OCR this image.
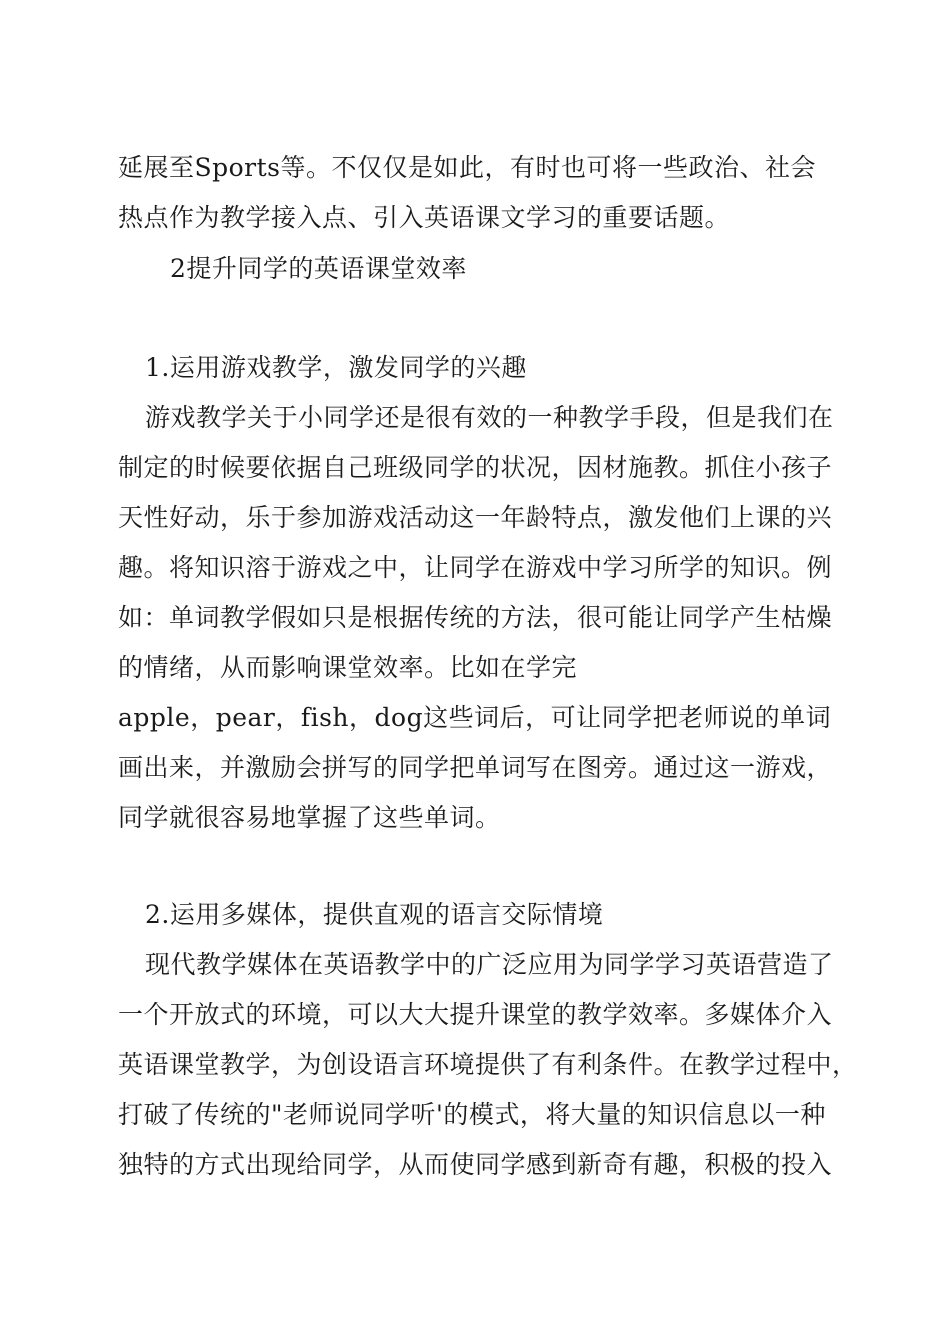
延展至Sports等。不仅仅是如此，有时也可将一些政治、社会
热点作为教学接入点、引入英语课文学习的重要话题。
2提升同学的英语课堂效率
1.运用游戏教学，激发同学的兴趣
游戏教学关于小同学还是很有效的一种教学手段，但是我们在
制定的时候要依据自己班级同学的状况，因材施教。抓住小孩子
天性好动，乐于参加游戏活动这一年龄特点，激发他们上课的兴
趣。将知识溶于游戏之中，让同学在游戏中学习所学的知识。例
如：单词教学假如只是根据传统的方法，很可能让同学产生枯燥
的情绪，从而影响课堂效率。比如在学完
apple，pear，fish，dog这些词后，可让同学把老师说的单词
画出来，并激励会拼写的同学把单词写在图旁。通过这一游戏，
同学就很容易地掌握了这些单词。
2.运用多媒体，提供直观的语言交际情境
现代教学媒体在英语教学中的广泛应用为同学学习英语营造了
一个开放式的环境，可以大大提升课堂的教学效率。多媒体介入
英语课堂教学，为创设语言环境提供了有利条件。在教学过程中，
打破了传统的"老师说同学听'的模式，将大量的知识信息以一种
独特的方式出现给同学，从而使同学感到新奇有趣，积极的投入
